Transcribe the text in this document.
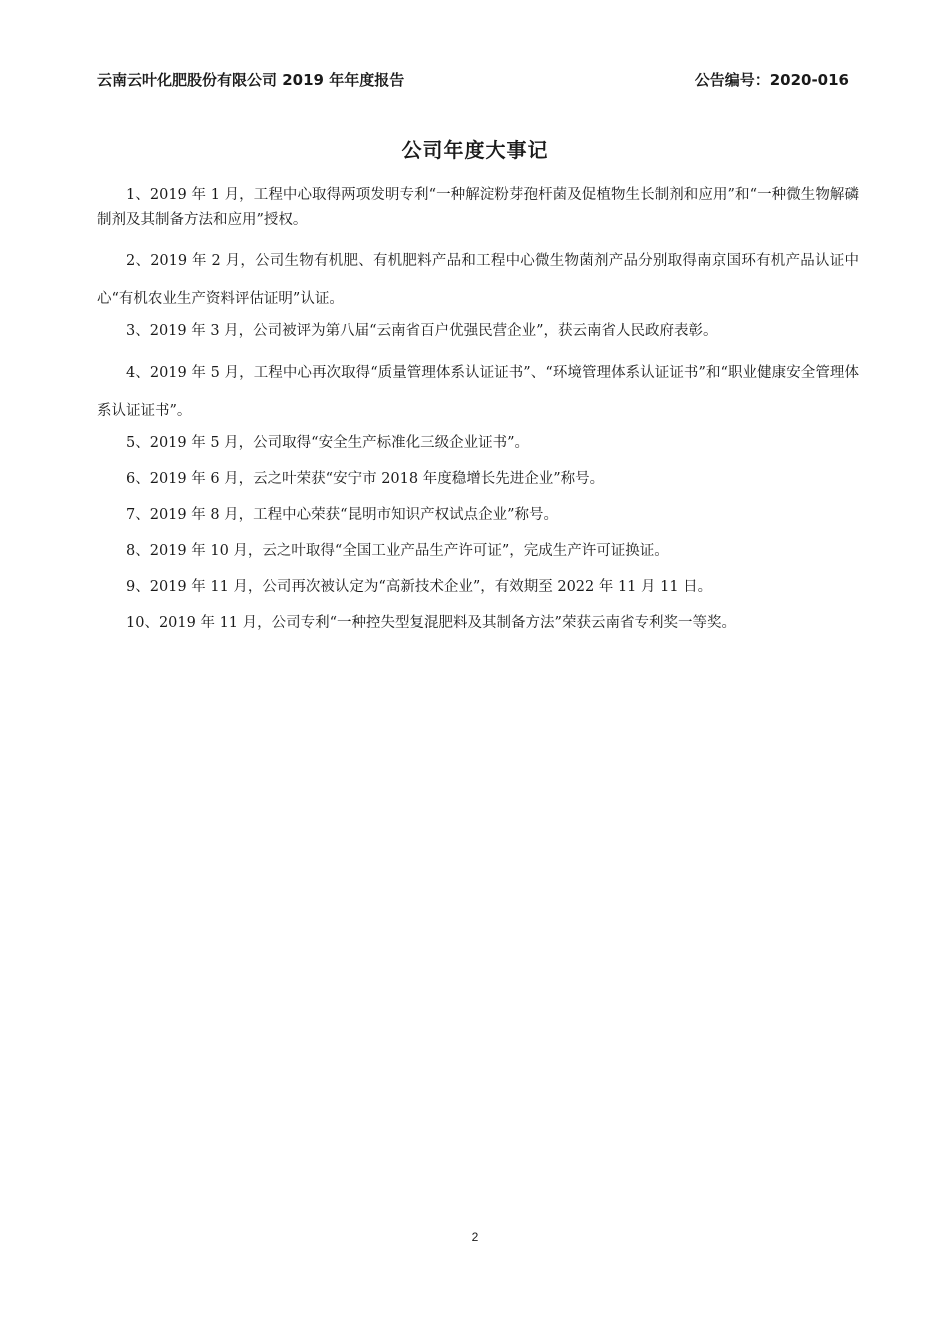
云南云叶化肥股份有限公司 2019 年年度报告	公告编号：2020-016
公司年度大事记
1、2019 年 1 月，工程中心取得两项发明专利“一种解淀粉芽孢杆菌及促植物生长制剂和应用”和“一种微生物解磷制剂及其制备方法和应用”授权。
2、2019 年 2 月，公司生物有机肥、有机肥料产品和工程中心微生物菌剂产品分别取得南京国环有机产品认证中心“有机农业生产资料评估证明”认证。
3、2019 年 3 月，公司被评为第八届“云南省百户优强民营企业”，获云南省人民政府表彰。
4、2019 年 5 月，工程中心再次取得“质量管理体系认证证书”、“环境管理体系认证证书”和“职业健康安全管理体系认证证书”。
5、2019 年 5 月，公司取得“安全生产标准化三级企业证书”。
6、2019 年 6 月，云之叶荣获“安宁市 2018 年度稳增长先进企业”称号。
7、2019 年 8 月，工程中心荣获“昆明市知识产权试点企业”称号。
8、2019 年 10 月，云之叶取得“全国工业产品生产许可证”，完成生产许可证换证。
9、2019 年 11 月，公司再次被认定为“高新技术企业”，有效期至 2022 年 11 月 11 日。
10、2019 年 11 月，公司专利“一种控失型复混肥料及其制备方法”荣获云南省专利奖一等奖。
2
